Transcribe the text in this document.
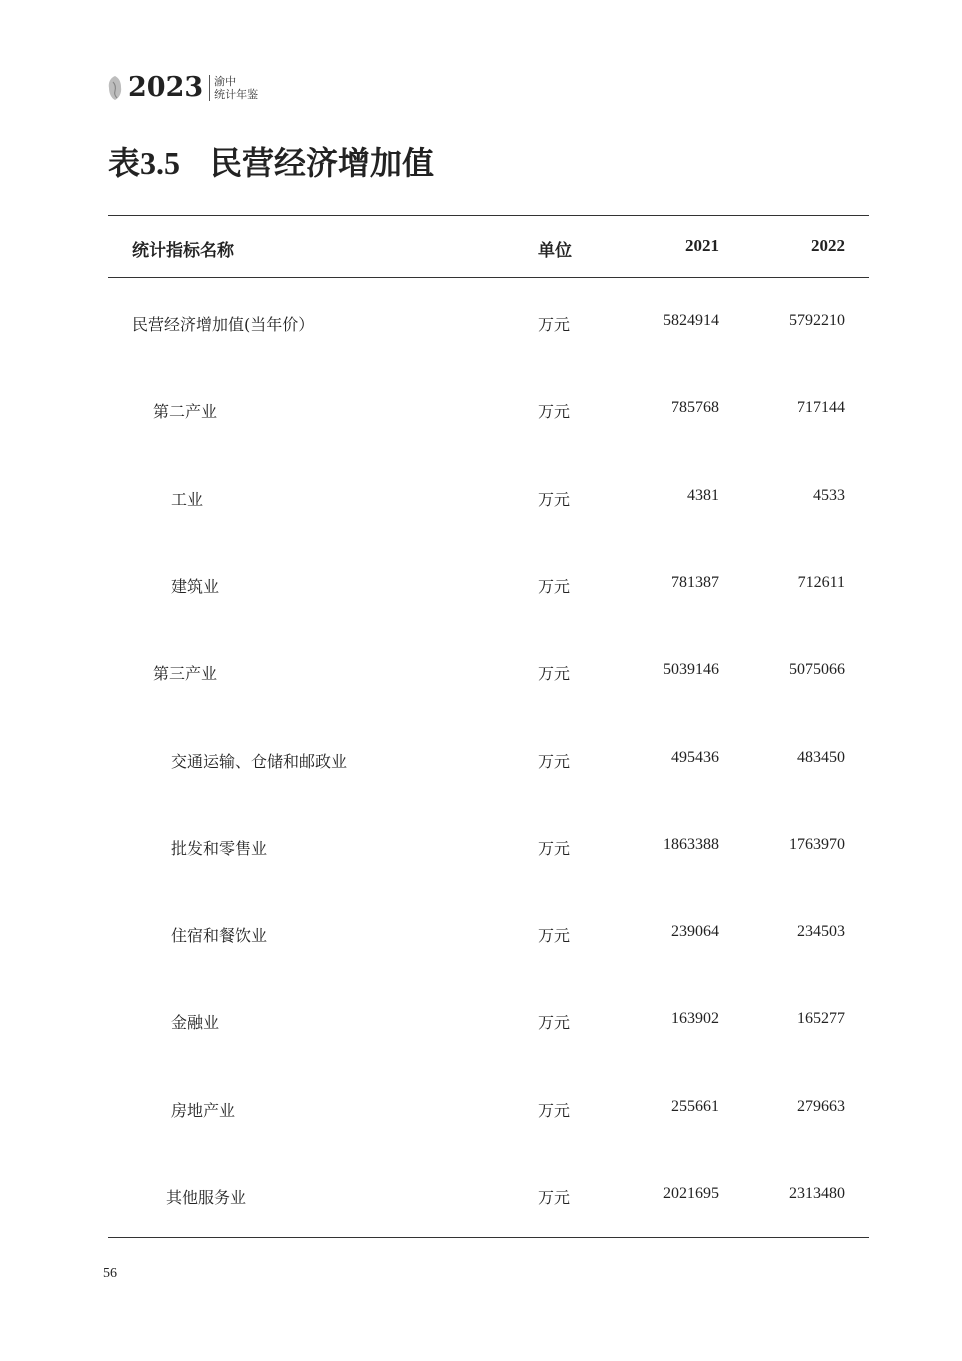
2023 渝中
统计年鉴
表3.5 民营经济增加值
统计指标名称	单位	2021	2022
民营经济增加值(当年价）	万元	5824914	5792210
第二产业	万元	785768	717144
工业	万元	4381	4533
建筑业	万元	781387	712611
第三产业	万元	5039146	5075066
交通运输、仓储和邮政业	万元	495436	483450
批发和零售业	万元	1863388	1763970
住宿和餐饮业	万元	239064	234503
金融业	万元	163902	165277
房地产业	万元	255661	279663
其他服务业	万元	2021695	2313480
56
